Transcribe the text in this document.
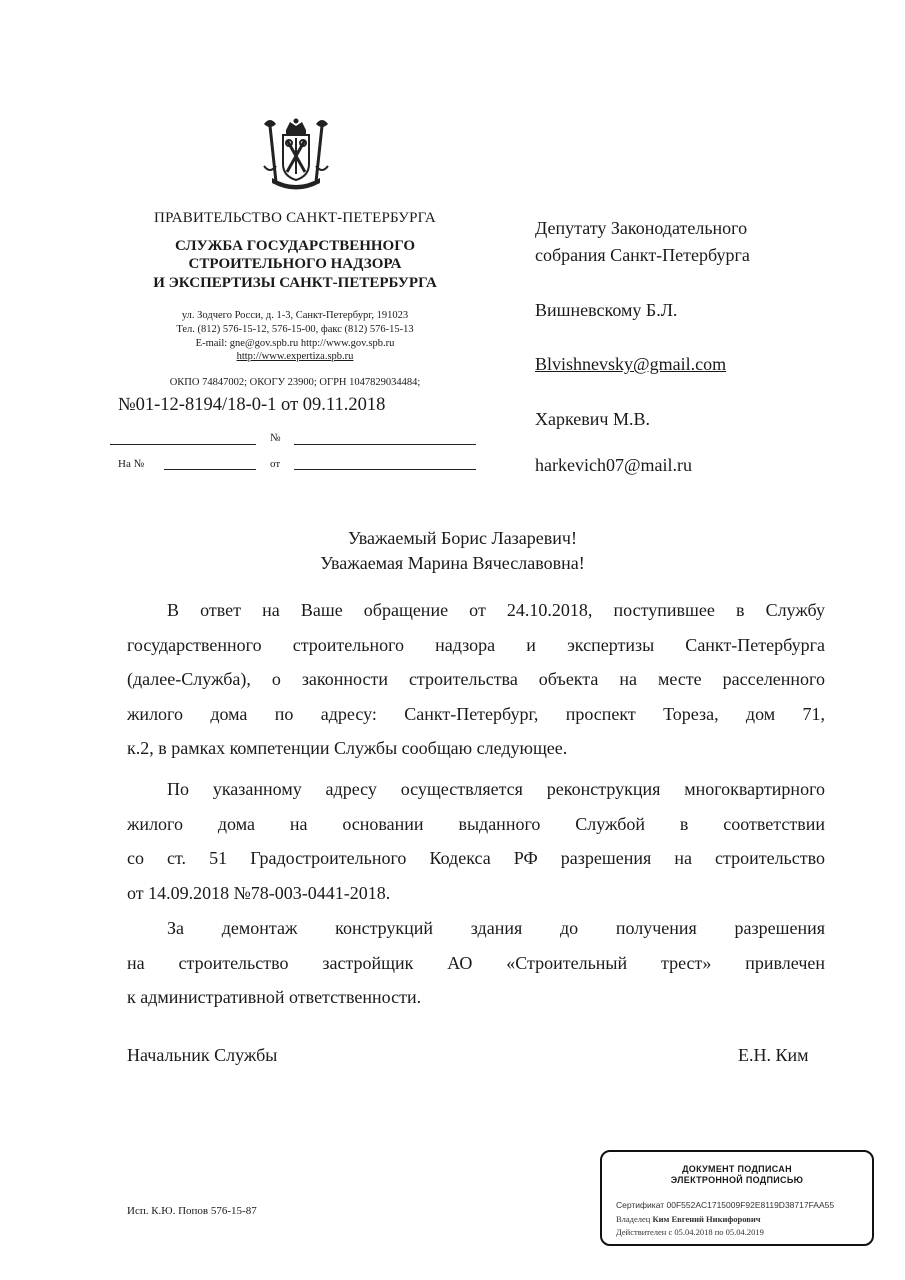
ПРАВИТЕЛЬСТВО САНКТ-ПЕТЕРБУРГА
СЛУЖБА ГОСУДАРСТВЕННОГО
СТРОИТЕЛЬНОГО НАДЗОРА
И ЭКСПЕРТИЗЫ САНКТ-ПЕТЕРБУРГА
ул. Зодчего Росси, д. 1-3, Санкт-Петербург, 191023
Тел. (812) 576-15-12, 576-15-00, факс (812) 576-15-13
E-mail: gne@gov.spb.ru http://www.gov.spb.ru
http://www.expertiza.spb.ru
ОКПО 74847002; ОКОГУ 23900; ОГРН 1047829034484;
№01-12-8194/18-0-1 от 09.11.2018
№
На №	от
Депутату Законодательного
собрания Санкт-Петербурга
Вишневскому Б.Л.
Blvishnevsky@gmail.com
Харкевич М.В.
harkevich07@mail.ru
Уважаемый Борис Лазаревич!
Уважаемая Марина Вячеславовна!
В ответ на Ваше обращение от 24.10.2018, поступившее в Службу
государственного строительного надзора и экспертизы Санкт-Петербурга
(далее-Служба), о законности строительства объекта на месте расселенного
жилого дома по адресу: Санкт-Петербург, проспект Тореза, дом 71,
к.2, в рамках компетенции Службы сообщаю следующее.
По указанному адресу осуществляется реконструкция многоквартирного
жилого дома на основании выданного Службой в соответствии
со ст. 51 Градостроительного Кодекса РФ разрешения на строительство
от 14.09.2018 №78-003-0441-2018.
За демонтаж конструкций здания до получения разрешения
на строительство застройщик АО «Строительный трест» привлечен
к административной ответственности.
Начальник Службы	Е.Н. Ким
Исп. К.Ю. Попов 576-15-87
ДОКУМЕНТ ПОДПИСАН
ЭЛЕКТРОННОЙ ПОДПИСЬЮ
Сертификат 00F552AC1715009F92E8119D38717FAA55
Владелец Ким Евгений Никифорович
Действителен с 05.04.2018 по 05.04.2019
